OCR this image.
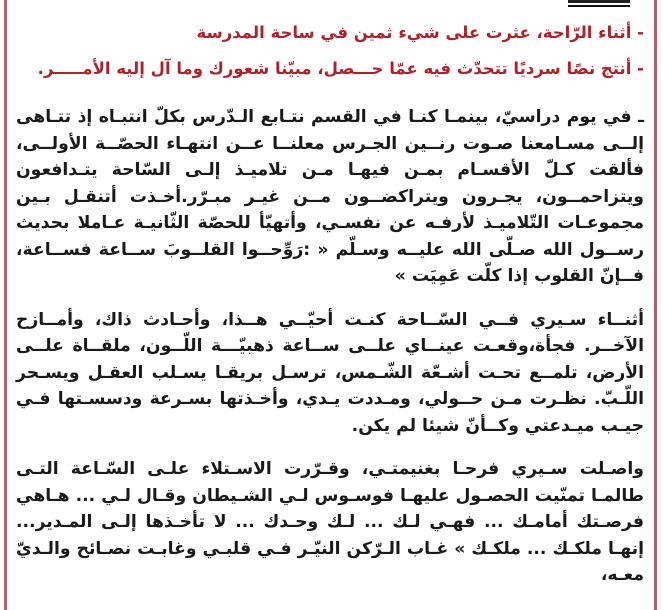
- أثناء الرّاحة، عثرت على شيء ثمين في ساحة المدرسة

- أنتج نصًا سرديًا تتحدّث فيه عمّا حـــصل، مبيّنا شعورك وما آل إليه الأمـــــر.

ـ في يوم دراسيّ، بينمـا كنـا في القسم نتـابع الـدّرس بكلّ انتبـاه إذ تتـاهى إلــى مسـامعنا صـوت رنــين الجـرس معلنــا عــن انتهـاء الحصّــة الأولــى، فألقت كـلّ الأقسـام بمـن فيهـا مـن تلاميـذ إلـى السّاحة يتـدافعون ويتزاحمــون، يجـرون ويتراكضــون مــن غيـر مبـرّر.أخـذت أتنقـل بـين مجموعـات التّلاميـذ لأرفـه عن نفسـي، وأتهيّأ للحصّة الثّانيـة عـاملا بحديث رســول الله صـلّى الله عليــه وسـلّم « :رَوِّحــوا القلــوبَ ســاعة فســاعة، فــإنّ القلوب إذا كلّت عَمِيَت »

أثنــاء سـيري فــي السّــاحة كنـت أحيّــي هــذا، وأحـادث ذاك، وأمــازح الآخــر. فجأة،وقعـت عينــاي علــى ســاعة ذهبيّـــة اللّــون، ملقــاة علــى الأرض، تلمــع تحـت أشـعّة الشّـمس، ترسـل بريقـا يسـلب العقـل ويسـحر اللّـبّ. نظـرت مـن حــولي، ومـددت يـدي، وأخـذتها بسـرعة ودسسـتها فـي جيـب ميـدعتي وكــأنّ شيئا لم يكن.

واصـلت سـيري فرحـا بغنيمتـي، وقـرّرت الاسـتلاء علـى السّـاعة التـى طالمـا تمنّيت الحصـول عليهـا فوسـوس لـي الشـيطان وقـال لـي ... هـاهي فرصـتك أمامـك ... فهـي لـك ... لـك وحـدك ... لا تأخـذها إلـى المـدير... إنهـا ملكـك ... ملكـك » غـاب الـرّكن النيّـر فـي قلبـي وغابـت نصـائح والـديّ معـه،
